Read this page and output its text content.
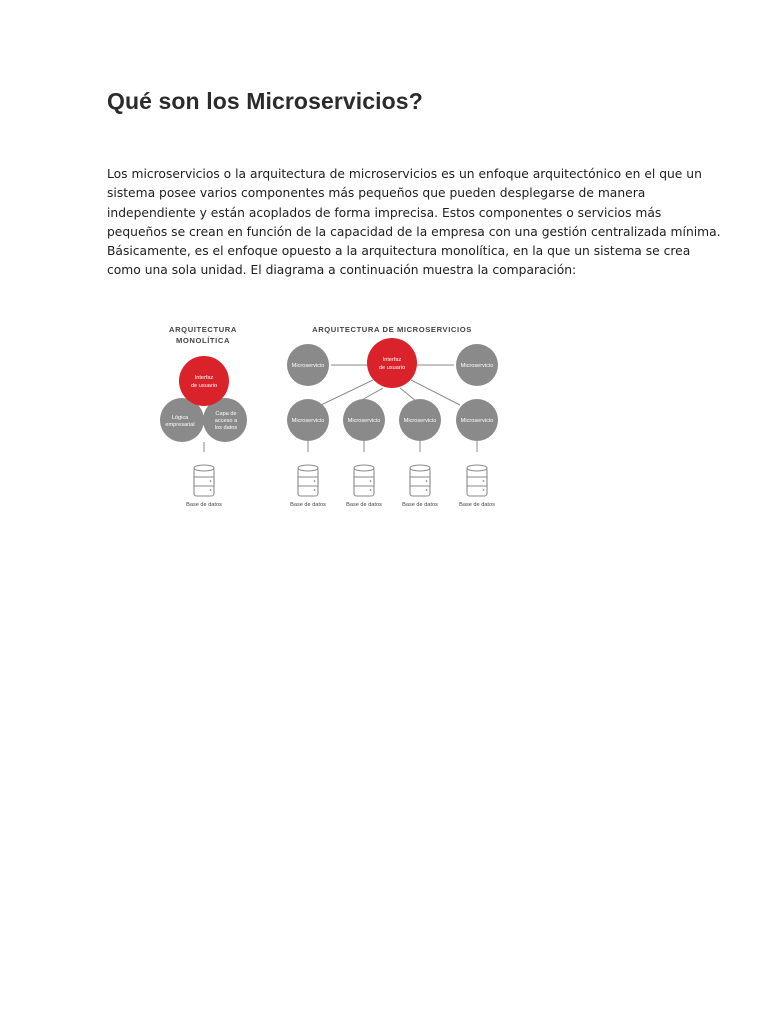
Qué son los Microservicios?

Los microservicios o la arquitectura de microservicios es un enfoque arquitectónico en el que un
sistema posee varios componentes más pequeños que pueden desplegarse de manera
independiente y están acoplados de forma imprecisa. Estos componentes o servicios más
pequeños se crean en función de la capacidad de la empresa con una gestión centralizada mínima.
Básicamente, es el enfoque opuesto a la arquitectura monolítica, en la que un sistema se crea
como una sola unidad. El diagrama a continuación muestra la comparación:

ARQUITECTURA
MONOLÍTICA
Interfaz
de usuario
Lógica
empresarial
Capa de
acceso a
los datos
Base de datos
ARQUITECTURA DE MICROSERVICIOS
Microservicio
Interfaz
de usuario	Microservicio
Microservicio	Microservicio	Microservicio	Microservicio
Base de datos	Base de datos	Base de datos	Base de datos
